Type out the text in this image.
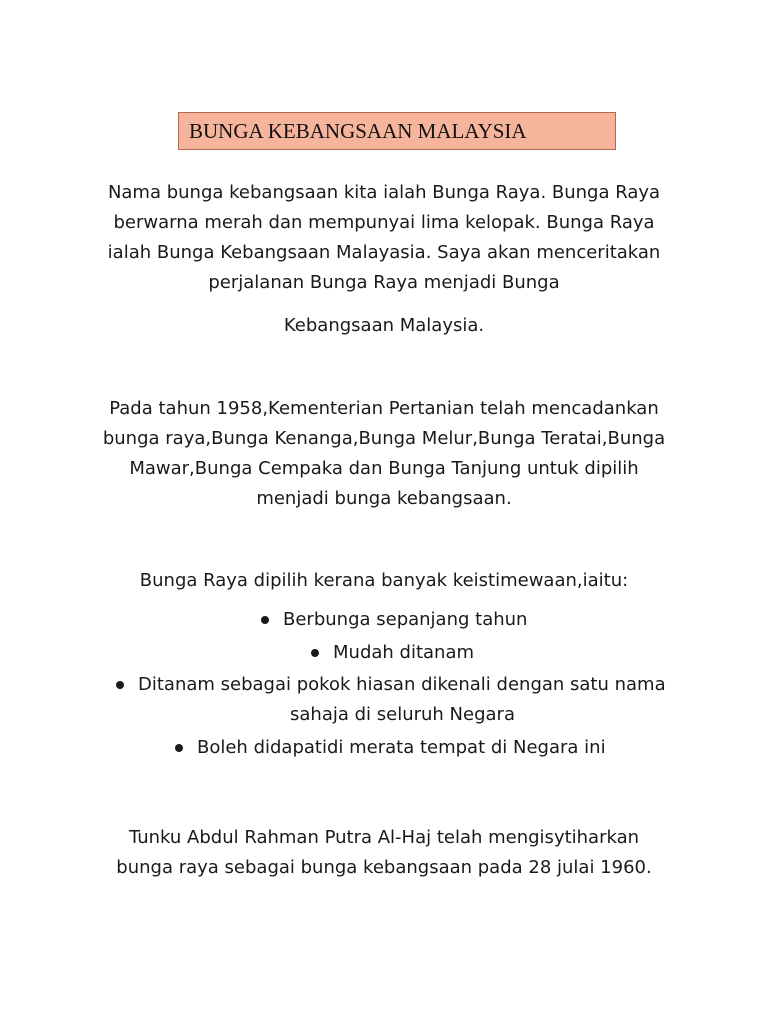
BUNGA KEBANGSAAN MALAYSIA
Nama bunga kebangsaan kita ialah Bunga Raya. Bunga Raya
berwarna merah dan mempunyai lima kelopak. Bunga Raya
ialah Bunga Kebangsaan Malayasia. Saya akan menceritakan
perjalanan Bunga Raya menjadi Bunga
Kebangsaan Malaysia.
Pada tahun 1958,Kementerian Pertanian telah mencadankan
bunga raya,Bunga Kenanga,Bunga Melur,Bunga Teratai,Bunga
Mawar,Bunga Cempaka dan Bunga Tanjung untuk dipilih
menjadi bunga kebangsaan.
Bunga Raya dipilih kerana banyak keistimewaan,iaitu:
Berbunga sepanjang tahun
Mudah ditanam
Ditanam sebagai pokok hiasan dikenali dengan satu nama
sahaja di seluruh Negara
Boleh didapatidi merata tempat di Negara ini
Tunku Abdul Rahman Putra Al-Haj telah mengisytiharkan
bunga raya sebagai bunga kebangsaan pada 28 julai 1960.
